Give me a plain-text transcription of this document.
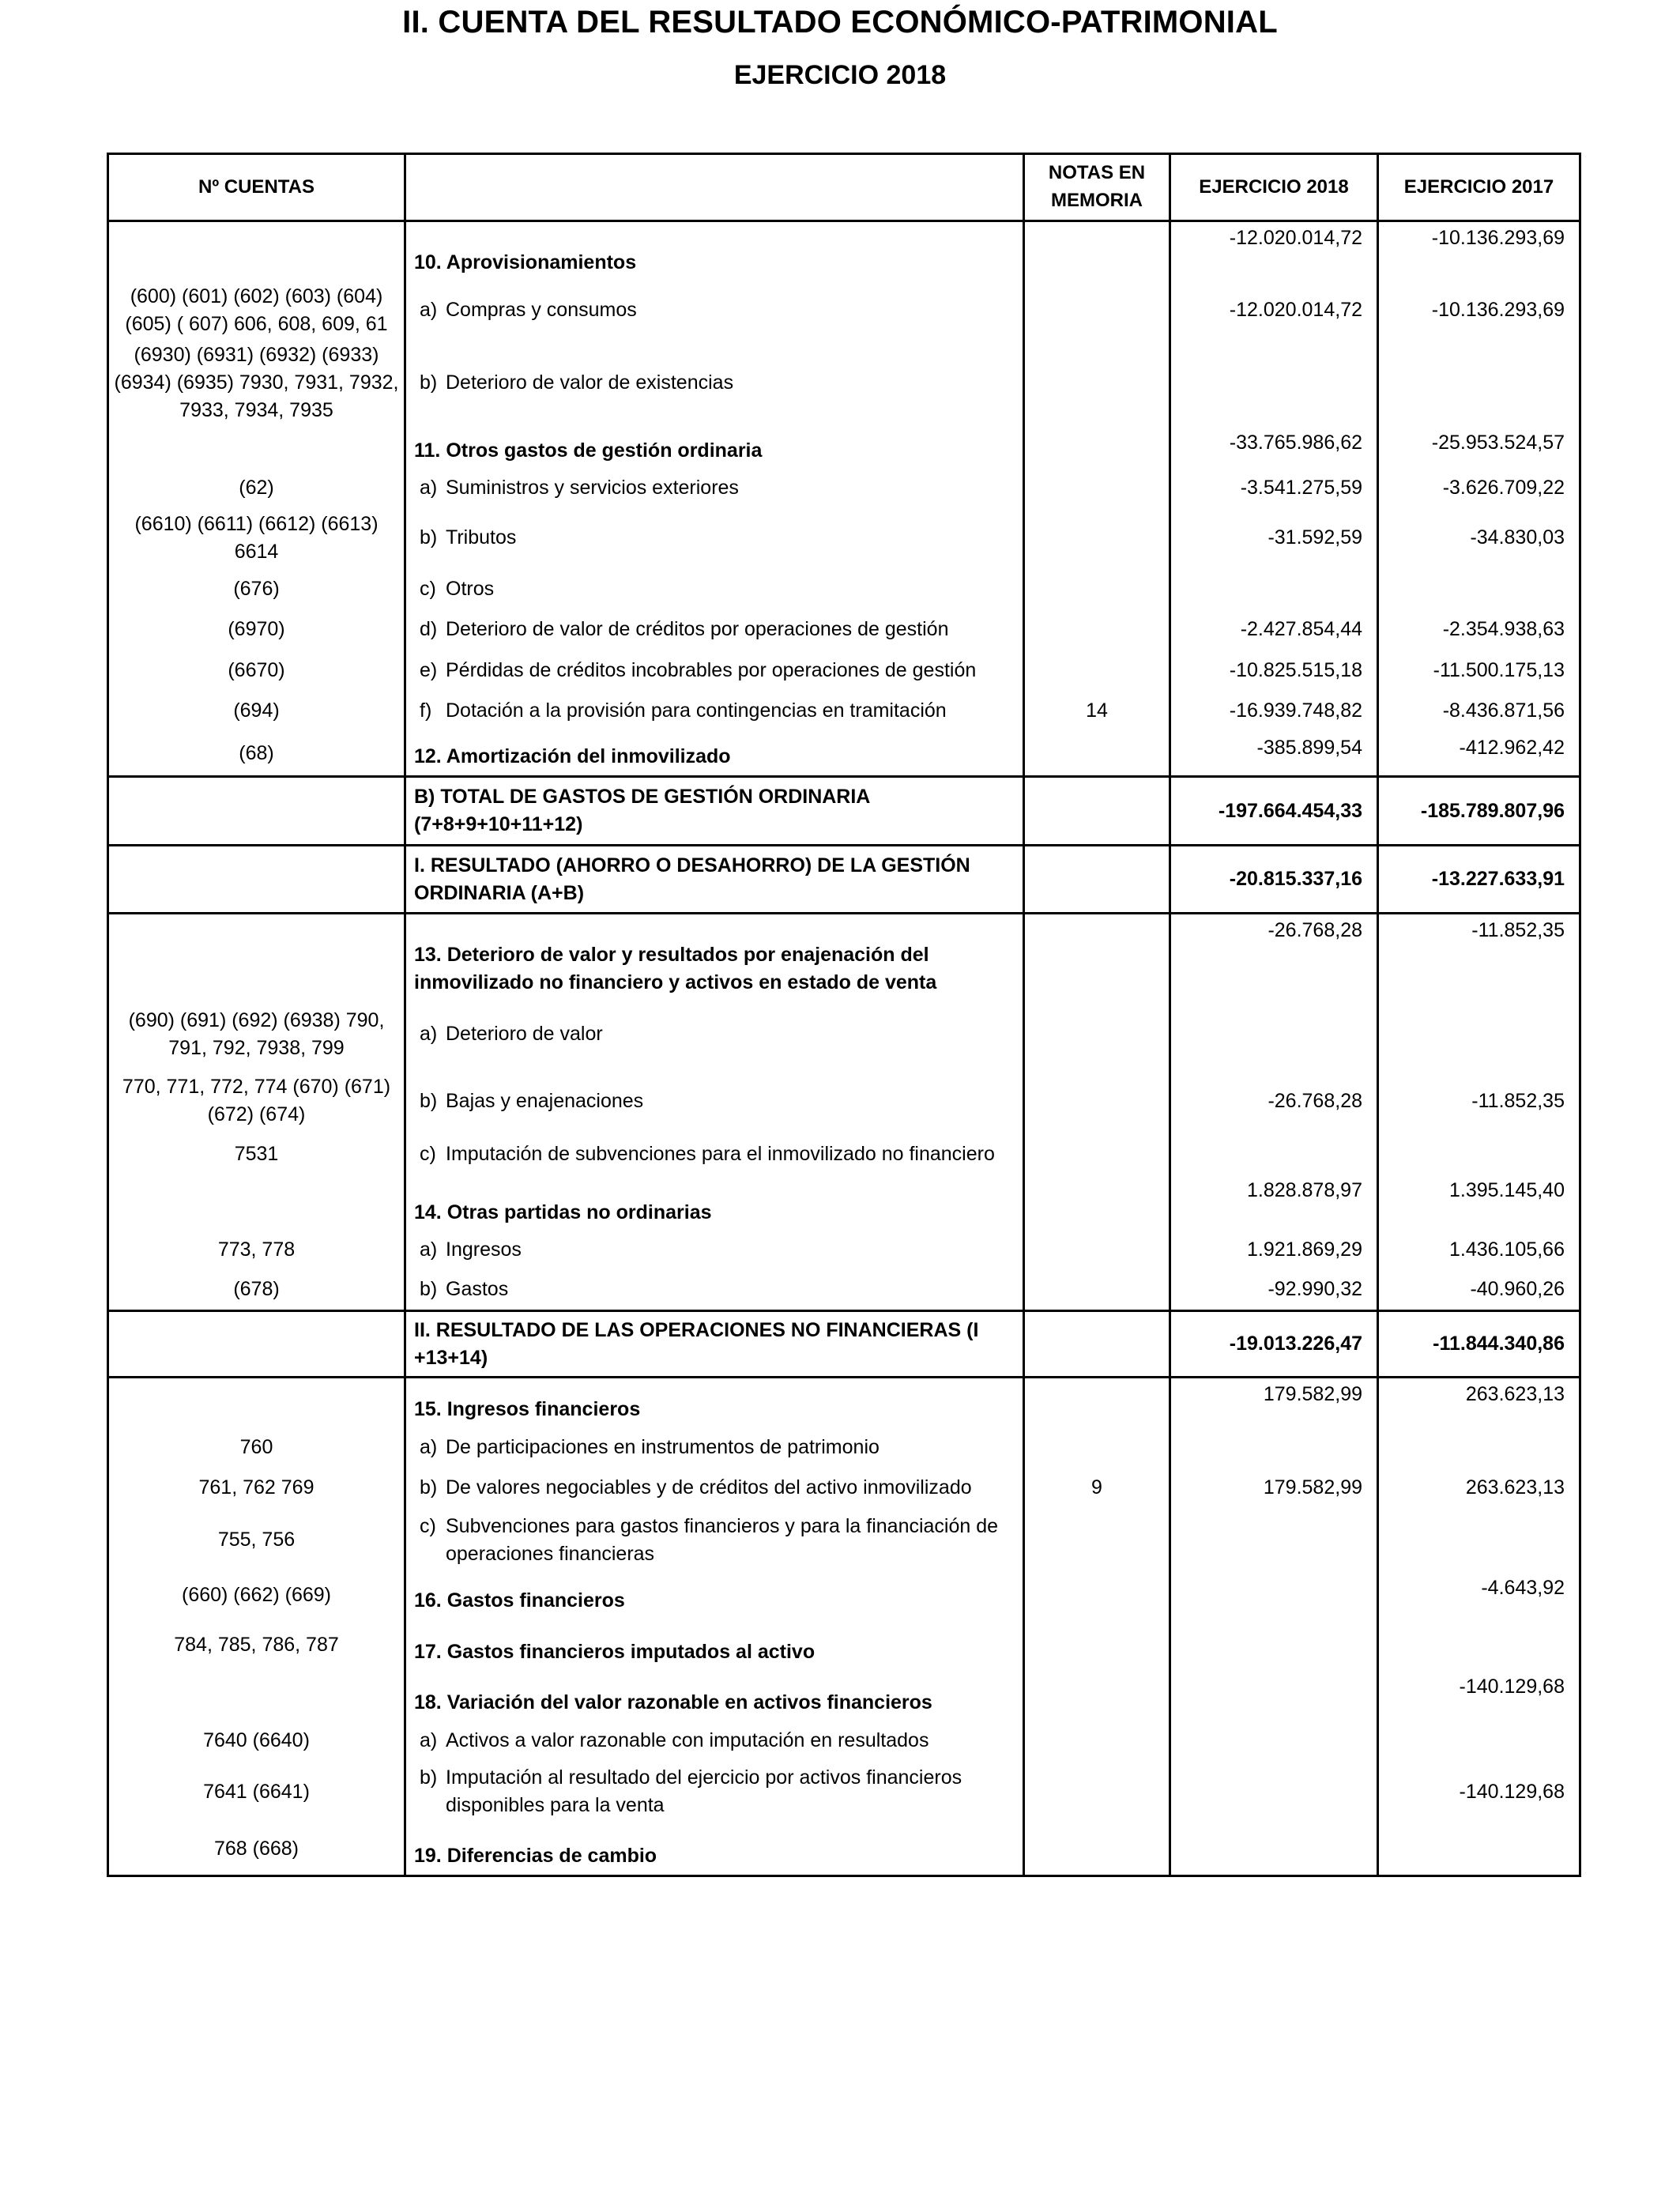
II. CUENTA DEL RESULTADO ECONÓMICO-PATRIMONIAL
EJERCICIO 2018
Nº CUENTAS		NOTAS EN MEMORIA	EJERCICIO 2018	EJERCICIO 2017
	10. Aprovisionamientos		-12.020.014,72	-10.136.293,69
(600) (601) (602) (603) (604) (605) ( 607) 606, 608, 609, 61	a) Compras y consumos		-12.020.014,72	-10.136.293,69
(6930) (6931) (6932) (6933) (6934) (6935) 7930, 7931, 7932, 7933, 7934, 7935	b) Deterioro de valor de existencias			
	11. Otros gastos de gestión ordinaria		-33.765.986,62	-25.953.524,57
(62)	a) Suministros y servicios exteriores		-3.541.275,59	-3.626.709,22
(6610) (6611) (6612) (6613) 6614	b) Tributos		-31.592,59	-34.830,03
(676)	c) Otros			
(6970)	d) Deterioro de valor de créditos por operaciones de gestión		-2.427.854,44	-2.354.938,63
(6670)	e) Pérdidas de créditos incobrables por operaciones de gestión		-10.825.515,18	-11.500.175,13
(694)	f) Dotación a la provisión para contingencias en tramitación	14	-16.939.748,82	-8.436.871,56
(68)	12. Amortización del inmovilizado		-385.899,54	-412.962,42
	B) TOTAL DE GASTOS DE GESTIÓN ORDINARIA (7+8+9+10+11+12)		-197.664.454,33	-185.789.807,96
	I. RESULTADO (AHORRO O DESAHORRO) DE LA GESTIÓN ORDINARIA (A+B)		-20.815.337,16	-13.227.633,91
	13. Deterioro de valor y resultados por enajenación del inmovilizado no financiero y activos en estado de venta		-26.768,28	-11.852,35
(690) (691) (692) (6938) 790, 791, 792, 7938, 799	a) Deterioro de valor			
770, 771, 772, 774 (670) (671) (672) (674)	b) Bajas y enajenaciones		-26.768,28	-11.852,35
7531	c) Imputación de subvenciones para el inmovilizado no financiero			
	14. Otras partidas no ordinarias		1.828.878,97	1.395.145,40
773, 778	a) Ingresos		1.921.869,29	1.436.105,66
(678)	b) Gastos		-92.990,32	-40.960,26
	II. RESULTADO DE LAS OPERACIONES NO FINANCIERAS (I +13+14)		-19.013.226,47	-11.844.340,86
	15. Ingresos financieros		179.582,99	263.623,13
760	a) De participaciones en instrumentos de patrimonio			
761, 762 769	b) De valores negociables y de créditos del activo inmovilizado	9	179.582,99	263.623,13
755, 756	c) Subvenciones para gastos financieros y para la financiación de operaciones financieras			
(660) (662) (669)	16. Gastos financieros			-4.643,92
784, 785, 786, 787	17. Gastos financieros imputados al activo			
	18. Variación del valor razonable en activos financieros			-140.129,68
7640 (6640)	a) Activos a valor razonable con imputación en resultados			
7641 (6641)	b) Imputación al resultado del ejercicio por activos financieros disponibles para la venta			-140.129,68
768 (668)	19. Diferencias de cambio			
